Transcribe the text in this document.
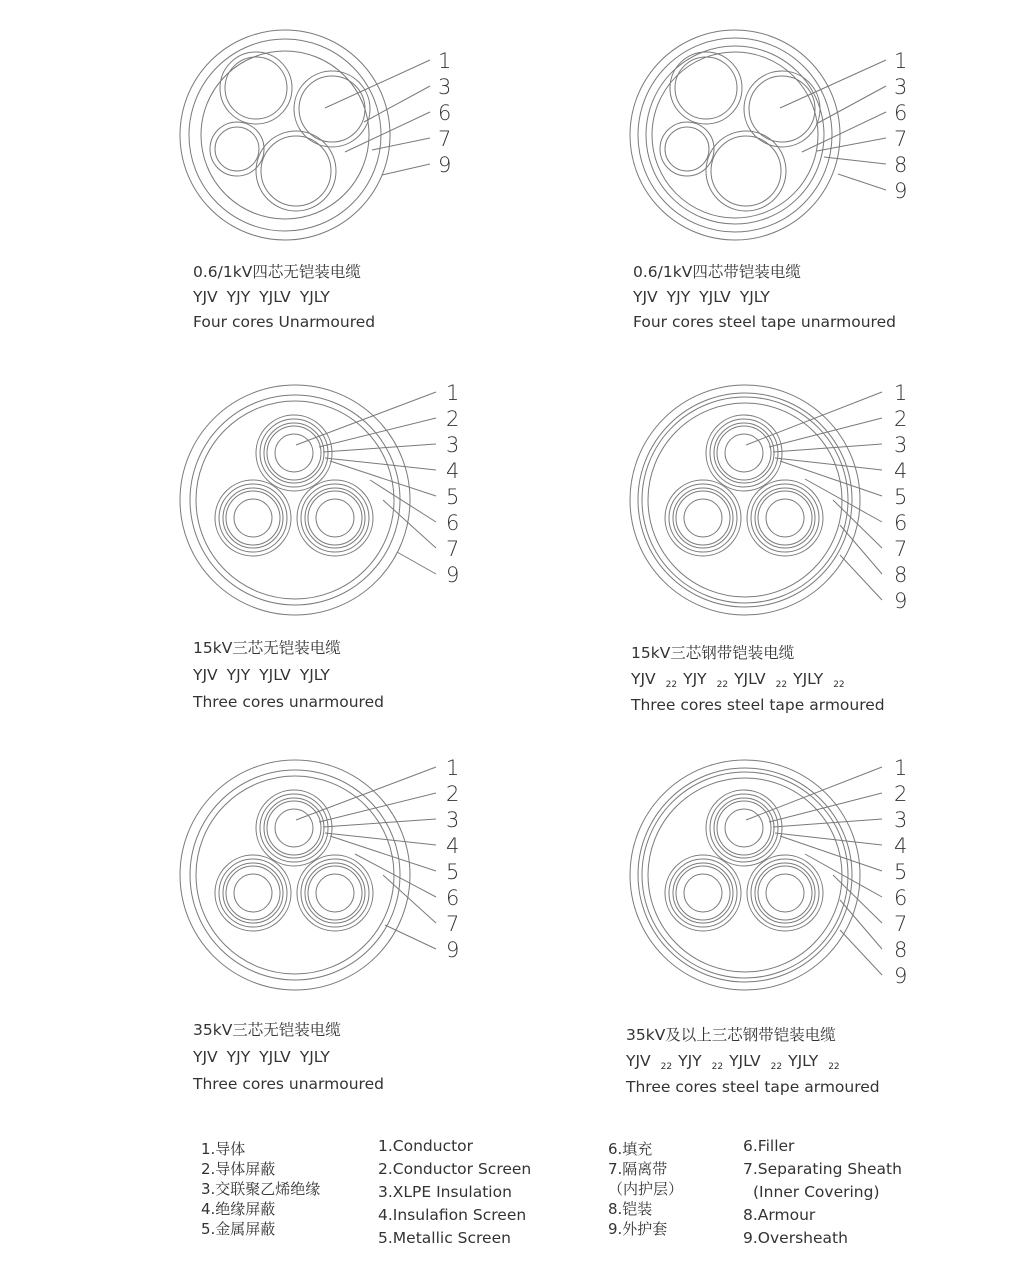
1
3
6
7
9
1
3
6
7
8
9
1
2
3
4
5
6
7
9
1
2
3
4
5
6
7
8
9
1
2
3
4
5
6
7
9
1
2
3
4
5
6
7
8
9
0.6/1kV四芯无铠装电缆
YJV YJY YJLV YJLY
Four cores Unarmoured
0.6/1kV四芯带铠装电缆
YJV YJY YJLV YJLY
Four cores steel tape unarmoured
15kV三芯无铠装电缆
YJV YJY YJLV YJLY
Three cores unarmoured
15kV三芯钢带铠装电缆
YJV $_{22}$ YJY $_{22}$ YJLV $_{22}$ YJLY $_{22}$
Three cores steel tape armoured
35kV三芯无铠装电缆
YJV YJY YJLV YJLY
Three cores unarmoured
35kV及以上三芯钢带铠装电缆
YJV $_{22}$ YJY $_{22}$ YJLV $_{22}$ YJLY $_{22}$
Three cores steel tape armoured
1.导体
2.导体屏蔽
3.交联聚乙烯绝缘
4.绝缘屏蔽
5.金属屏蔽
1.Conductor
2.Conductor Screen
3.XLPE Insulation
4.Insulafion Screen
5.Metallic Screen
6.填充
7.隔离带
（内护层）
8.铠装
9.外护套
6.Filler
7.Separating Sheath
(Inner Covering)
8.Armour
9.Oversheath
